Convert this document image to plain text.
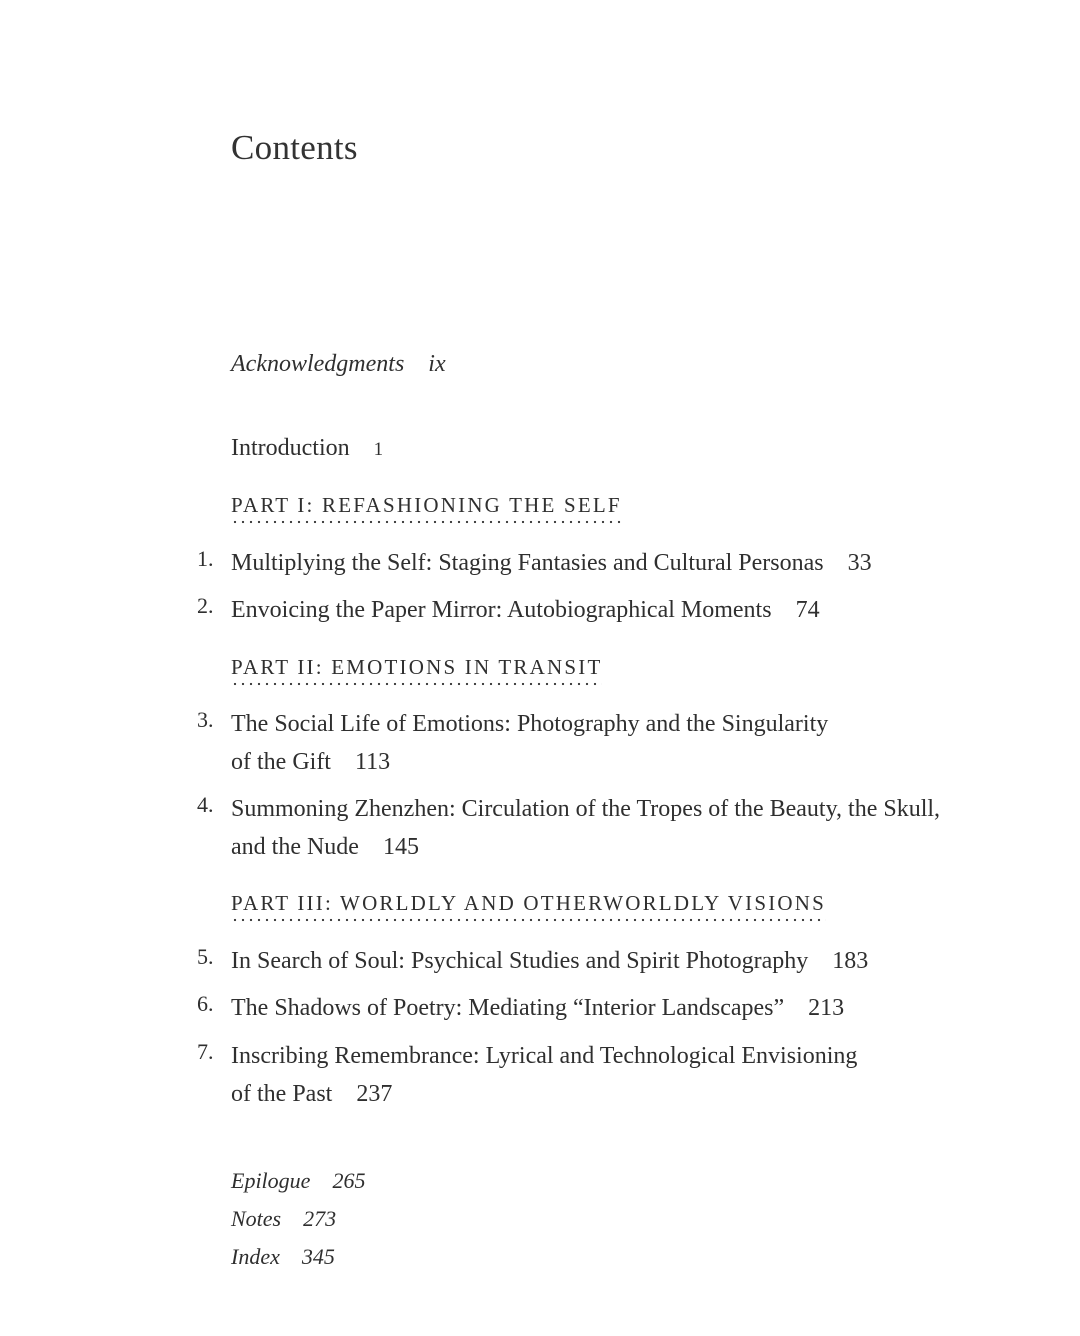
Contents
Acknowledgments ix
Introduction 1
PART I: REFASHIONING THE SELF
1. Multiplying the Self: Staging Fantasies and Cultural Personas 33
2. Envoicing the Paper Mirror: Autobiographical Moments 74
PART II: EMOTIONS IN TRANSIT
3. The Social Life of Emotions: Photography and the Singularity
of the Gift 113
4. Summoning Zhenzhen: Circulation of the Tropes of the Beauty, the Skull,
and the Nude 145
PART III: WORLDLY AND OTHERWORLDLY VISIONS
5. In Search of Soul: Psychical Studies and Spirit Photography 183
6. The Shadows of Poetry: Mediating “Interior Landscapes” 213
7. Inscribing Remembrance: Lyrical and Technological Envisioning
of the Past 237
Epilogue 265
Notes 273
Index 345
